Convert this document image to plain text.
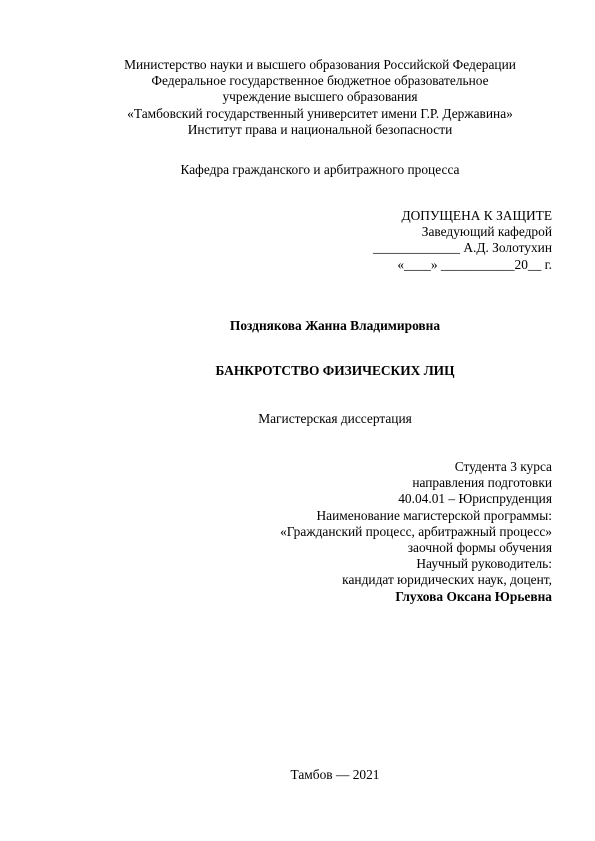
Министерство науки и высшего образования Российской Федерации
Федеральное государственное бюджетное образовательное
учреждение высшего образования
«Тамбовский государственный университет имени Г.Р. Державина»
Институт права и национальной безопасности
Кафедра гражданского и арбитражного процесса
ДОПУЩЕНА К ЗАЩИТЕ
Заведующий кафедрой
_____________ А.Д. Золотухин
«____» ___________20__ г.
Позднякова Жанна Владимировна
БАНКРОТСТВО ФИЗИЧЕСКИХ ЛИЦ
Магистерская диссертация
Студента 3 курса
направления подготовки
40.04.01 – Юриспруденция
Наименование магистерской программы:
«Гражданский процесс, арбитражный процесс»
заочной формы обучения
Научный руководитель:
кандидат юридических наук, доцент,
Глухова Оксана Юрьевна
Тамбов — 2021
